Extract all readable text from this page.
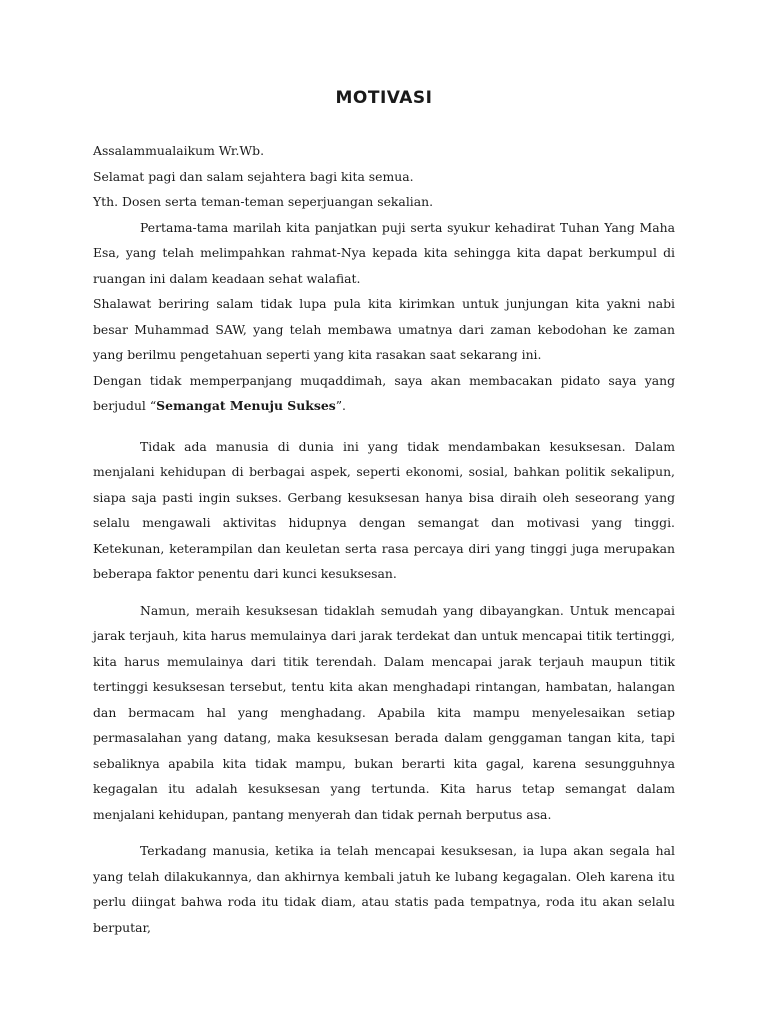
MOTIVASI

Assalammualaikum Wr.Wb.

Selamat pagi dan salam sejahtera bagi kita semua.

Yth. Dosen serta teman-teman seperjuangan sekalian.

Pertama-tama marilah kita panjatkan puji serta syukur kehadirat Tuhan Yang Maha Esa, yang telah melimpahkan rahmat-Nya kepada kita sehingga kita dapat berkumpul di ruangan ini dalam keadaan sehat walafiat.

Shalawat beriring salam tidak lupa pula kita kirimkan untuk junjungan kita yakni nabi besar Muhammad SAW, yang telah membawa umatnya dari zaman kebodohan ke zaman yang berilmu pengetahuan seperti yang kita rasakan saat sekarang ini.

Dengan tidak memperpanjang muqaddimah, saya akan membacakan pidato saya yang berjudul “Semangat Menuju Sukses”.

Tidak ada manusia di dunia ini yang tidak mendambakan kesuksesan. Dalam menjalani kehidupan di berbagai aspek, seperti ekonomi, sosial, bahkan politik sekalipun, siapa saja pasti ingin sukses. Gerbang kesuksesan hanya bisa diraih oleh seseorang yang selalu mengawali aktivitas hidupnya dengan semangat dan motivasi yang tinggi. Ketekunan, keterampilan dan keuletan serta rasa percaya diri yang tinggi juga merupakan beberapa faktor penentu dari kunci kesuksesan.

Namun, meraih kesuksesan tidaklah semudah yang dibayangkan. Untuk mencapai jarak terjauh, kita harus memulainya dari jarak terdekat dan untuk mencapai titik tertinggi, kita harus memulainya dari titik terendah. Dalam mencapai jarak terjauh maupun titik tertinggi kesuksesan tersebut, tentu kita akan menghadapi rintangan, hambatan, halangan dan bermacam hal yang menghadang. Apabila kita mampu menyelesaikan setiap permasalahan yang datang, maka kesuksesan berada dalam genggaman tangan kita, tapi sebaliknya apabila kita tidak mampu, bukan berarti kita gagal, karena sesungguhnya kegagalan itu adalah kesuksesan yang tertunda. Kita harus tetap semangat dalam menjalani kehidupan, pantang menyerah dan tidak pernah berputus asa.

Terkadang manusia, ketika ia telah mencapai kesuksesan, ia lupa akan segala hal yang telah dilakukannya, dan akhirnya kembali jatuh ke lubang kegagalan. Oleh karena itu perlu diingat bahwa roda itu tidak diam, atau statis pada tempatnya, roda itu akan selalu berputar,
